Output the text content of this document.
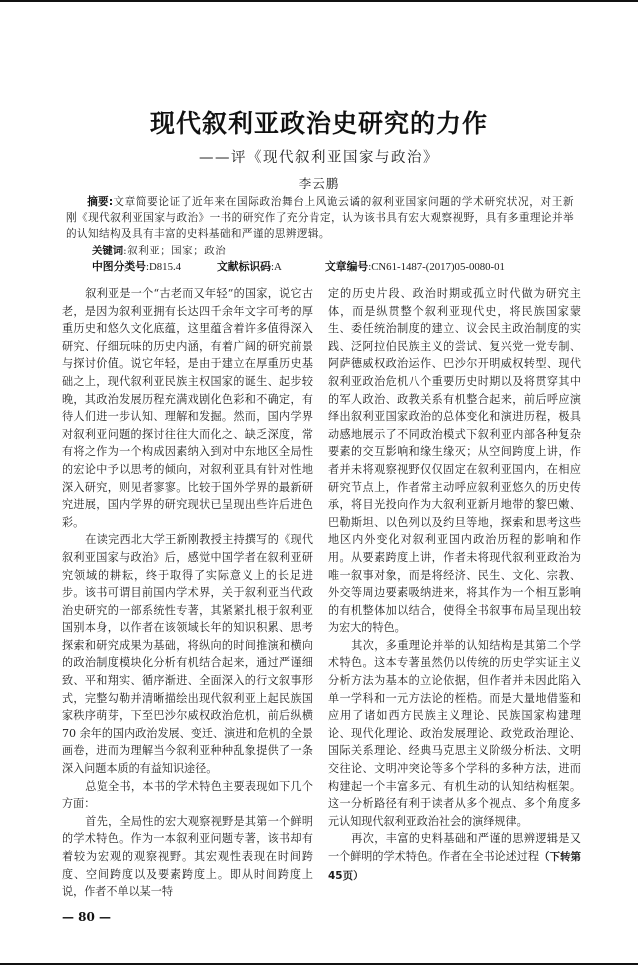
现代叙利亚政治史研究的力作
——评《现代叙利亚国家与政治》
李云鹏
摘要:文章简要论证了近年来在国际政治舞台上风诡云谲的叙利亚国家问题的学术研究状况，对王新刚《现代叙利亚国家与政治》一书的研究作了充分肯定，认为该书具有宏大观察视野，具有多重理论并举的认知结构及具有丰富的史料基础和严谨的思辨逻辑。
关键词:叙利亚；国家；政治
中图分类号:D815.4	文献标识码:A	文章编号:CN61-1487-(2017)05-0080-01

叙利亚是一个“古老而又年轻”的国家，说它古老，是因为叙利亚拥有长达四千余年文字可考的厚重历史和悠久文化底蕴，这里蕴含着许多值得深入研究、仔细玩味的历史内涵，有着广阔的研究前景与探讨价值。说它年轻，是由于建立在厚重历史基础之上，现代叙利亚民族主权国家的诞生、起步较晚，其政治发展历程充满戏剧化色彩和不确定，有待人们进一步认知、理解和发掘。然而，国内学界对叙利亚问题的探讨往往大而化之、缺乏深度，常有将之作为一个构成因素纳入到对中东地区全局性的宏论中予以思考的倾向，对叙利亚具有针对性地深入研究，则见者寥寥。比较于国外学界的最新研究进展，国内学界的研究现状已呈现出些许后进色彩。

在读完西北大学王新刚教授主持撰写的《现代叙利亚国家与政治》后，感觉中国学者在叙利亚研究领域的耕耘，终于取得了实际意义上的长足进步。该书可谓目前国内学术界，关于叙利亚当代政治史研究的一部系统性专著，其紧紧扎根于叙利亚国别本身，以作者在该领域长年的知识积累、思考探索和研究成果为基础，将纵向的时间推演和横向的政治制度模块化分析有机结合起来，通过严谨细致、平和翔实、循序渐进、全面深入的行文叙事形式，完整勾勒并清晰描绘出现代叙利亚上起民族国家秩序萌芽，下至巴沙尔威权政治危机，前后纵横 70 余年的国内政治发展、变迁、演进和危机的全景画卷，进而为理解当今叙利亚种种乱象提供了一条深入问题本质的有益知识途径。

总览全书，本书的学术特色主要表现如下几个方面：

首先，全局性的宏大观察视野是其第一个鲜明的学术特色。作为一本叙利亚问题专著，该书却有着较为宏观的观察视野。其宏观性表现在时间跨度、空间跨度以及要素跨度上。即从时间跨度上说，作者不单以某一特

定的历史片段、政治时期或孤立时代做为研究主体，而是纵贯整个叙利亚现代史，将民族国家蒙生、委任统治制度的建立、议会民主政治制度的实践、泛阿拉伯民族主义的尝试、复兴党一党专制、阿萨德威权政治运作、巴沙尔开明威权转型、现代叙利亚政治危机八个重要历史时期以及将贯穿其中的军人政治、政教关系有机整合起来，前后呼应演绎出叙利亚国家政治的总体变化和演进历程，极具动感地展示了不同政治模式下叙利亚内部各种复杂要素的交互影响和缘生缘灭；从空间跨度上讲，作者并未将观察视野仅仅固定在叙利亚国内，在相应研究节点上，作者常主动呼应叙利亚悠久的历史传承，将目光投向作为大叙利亚新月地带的黎巴嫩、巴勒斯坦、以色列以及约旦等地，探索和思考这些地区内外变化对叙利亚国内政治历程的影响和作用。从要素跨度上讲，作者未将现代叙利亚政治为唯一叙事对象，而是将经济、民生、文化、宗教、外交等周边要素吸纳进来，将其作为一个相互影响的有机整体加以结合，使得全书叙事布局呈现出较为宏大的特色。

其次，多重理论并举的认知结构是其第二个学术特色。这本专著虽然仍以传统的历史学实证主义分析方法为基本的立论依据，但作者并未因此陷入单一学科和一元方法论的桎梏。而是大量地借鉴和应用了诸如西方民族主义理论、民族国家构建理论、现代化理论、政治发展理论、政党政治理论、国际关系理论、经典马克思主义阶级分析法、文明交往论、文明冲突论等多个学科的多种方法，进而构建起一个丰富多元、有机生动的认知结构框架。这一分析路径有利于读者从多个视点、多个角度多元认知现代叙利亚政治社会的演绎规律。

再次，丰富的史料基础和严谨的思辨逻辑是又一个鲜明的学术特色。作者在全书论述过程（下转第45页）

— 80 —
